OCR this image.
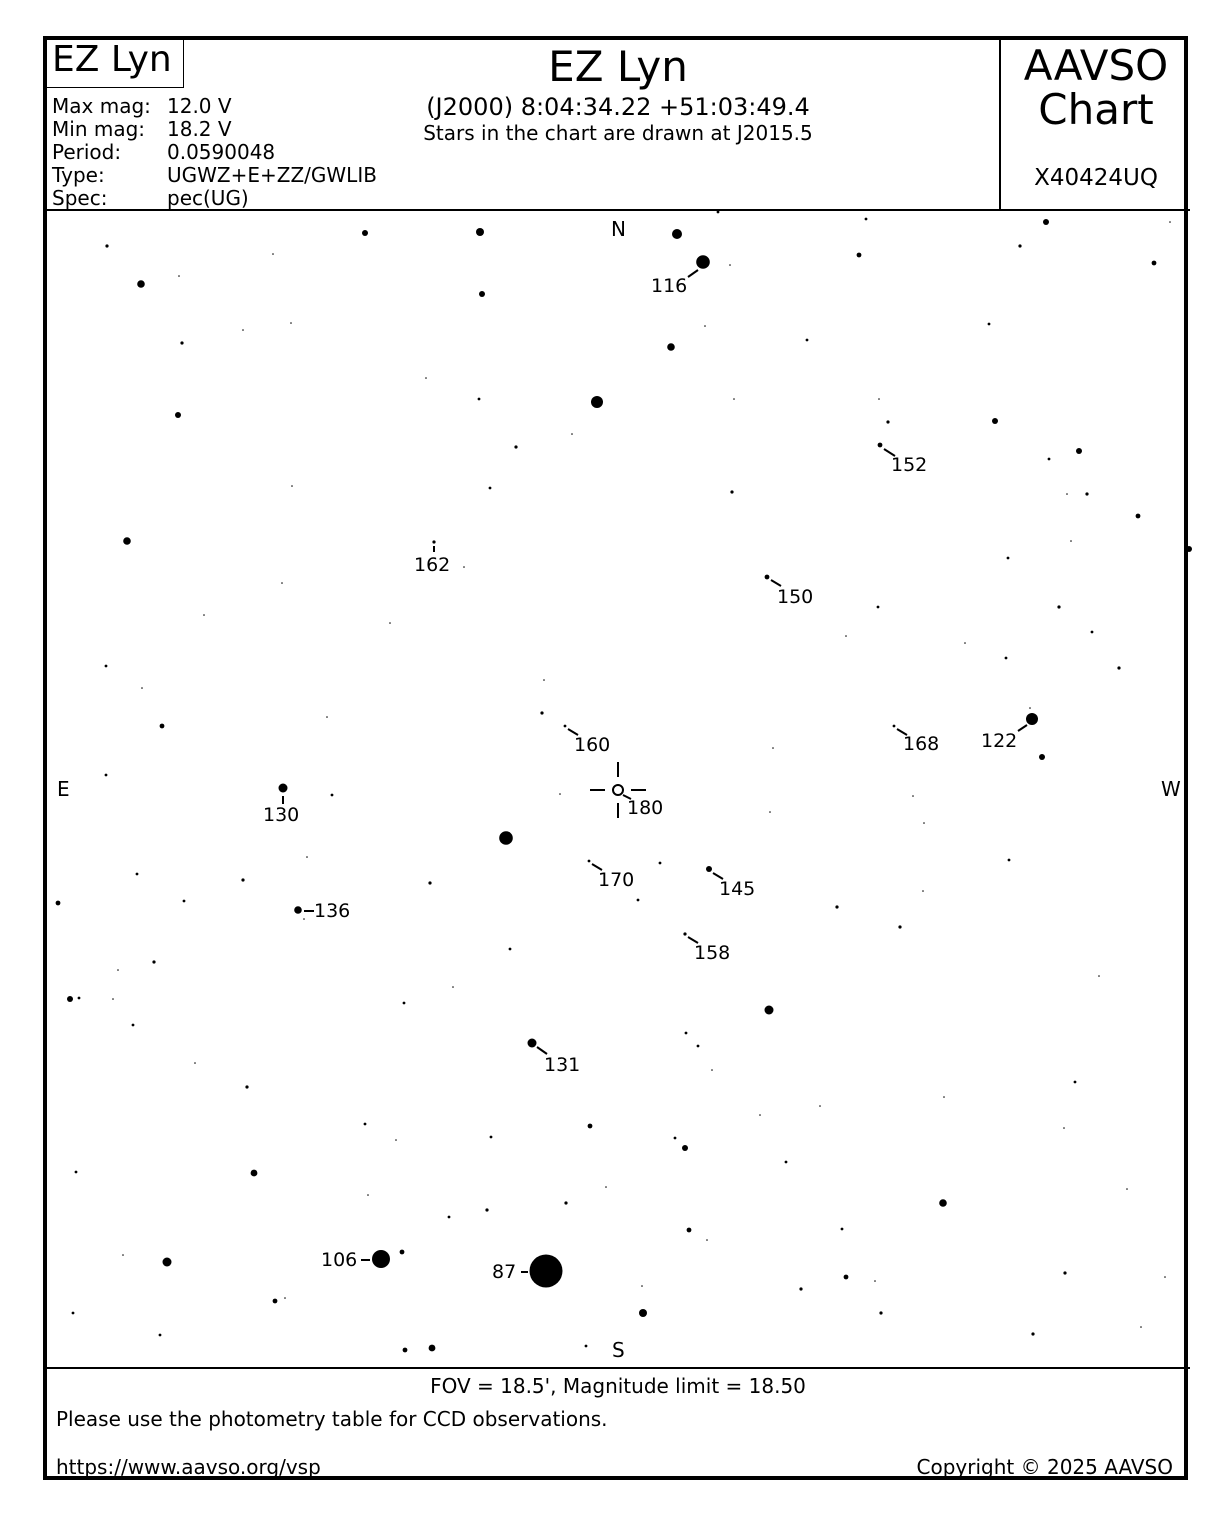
EZ Lyn
Max mag: 12.0 V
Min mag:	18.2 V
Period:	0.0590048
Type:	UGWZ+E+ZZ/GWLIB
Spec:	pec(UG)
EZ Lyn
(J2000) 8:04:34.22 +51:03:49.4
Stars in the chart are drawn at J2015.5
AAVSO
Chart
X40424UQ
N
S
E	W
116
152
162
150
160	168 122
130	180
170	145
136
158
131
106
87
FOV = 18.5', Magnitude limit = 18.50
Please use the photometry table for CCD observations.
https://www.aavso.org/vsp	Copyright © 2025 AAVSO
